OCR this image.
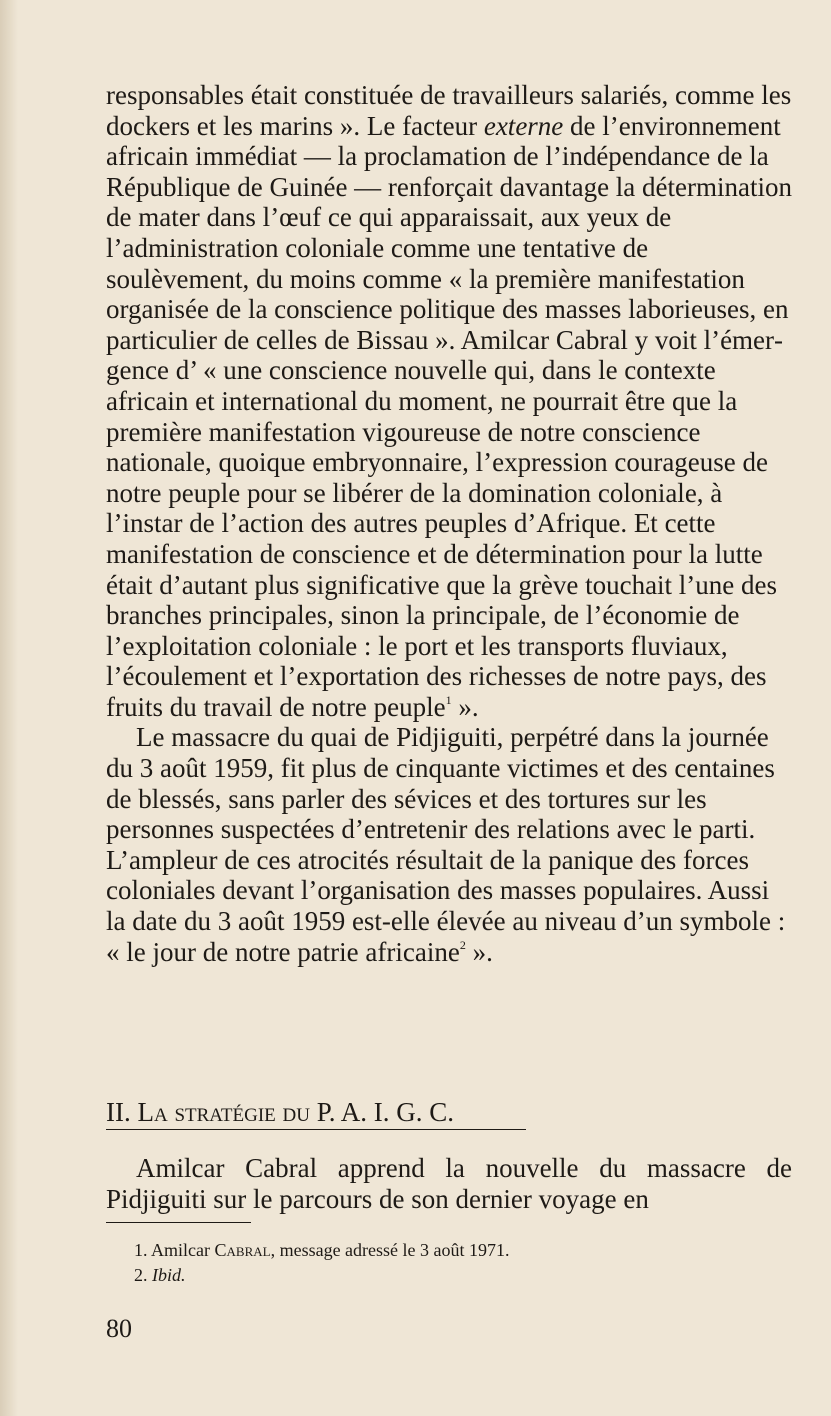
responsables était constituée de travailleurs salariés, comme les dockers et les marins ». Le facteur externe de l’environnement africain immédiat — la proclamation de l’indépendance de la République de Guinée — renforçait davantage la détermination de mater dans l’œuf ce qui apparaissait, aux yeux de l’administration coloniale comme une tentative de soulèvement, du moins comme « la première manifestation organisée de la conscience politique des masses laborieuses, en particulier de celles de Bissau ». Amilcar Cabral y voit l’émergence d’ « une conscience nouvelle qui, dans le contexte africain et international du moment, ne pourrait être que la première manifestation vigoureuse de notre conscience nationale, quoique embryonnaire, l’expression courageuse de notre peuple pour se libérer de la domination coloniale, à l’instar de l’action des autres peuples d’Afrique. Et cette manifestation de conscience et de détermination pour la lutte était d’autant plus significative que la grève touchait l’une des branches principales, sinon la principale, de l’économie de l’exploitation coloniale : le port et les transports fluviaux, l’écoulement et l’exportation des richesses de notre pays, des fruits du travail de notre peuple$^1$ ».

Le massacre du quai de Pidjiguiti, perpétré dans la journée du 3 août 1959, fit plus de cinquante victimes et des centaines de blessés, sans parler des sévices et des tortures sur les personnes suspectées d’entretenir des relations avec le parti. L’ampleur de ces atrocités résultait de la panique des forces coloniales devant l’organisation des masses populaires. Aussi la date du 3 août 1959 est-elle élevée au niveau d’un symbole : « le jour de notre patrie africaine$^2$ ».

II. La stratégie du P. A. I. G. C.

Amilcar Cabral apprend la nouvelle du massacre de Pidjiguiti sur le parcours de son dernier voyage en

1. Amilcar Cabral, message adressé le 3 août 1971.
2. Ibid.
80
